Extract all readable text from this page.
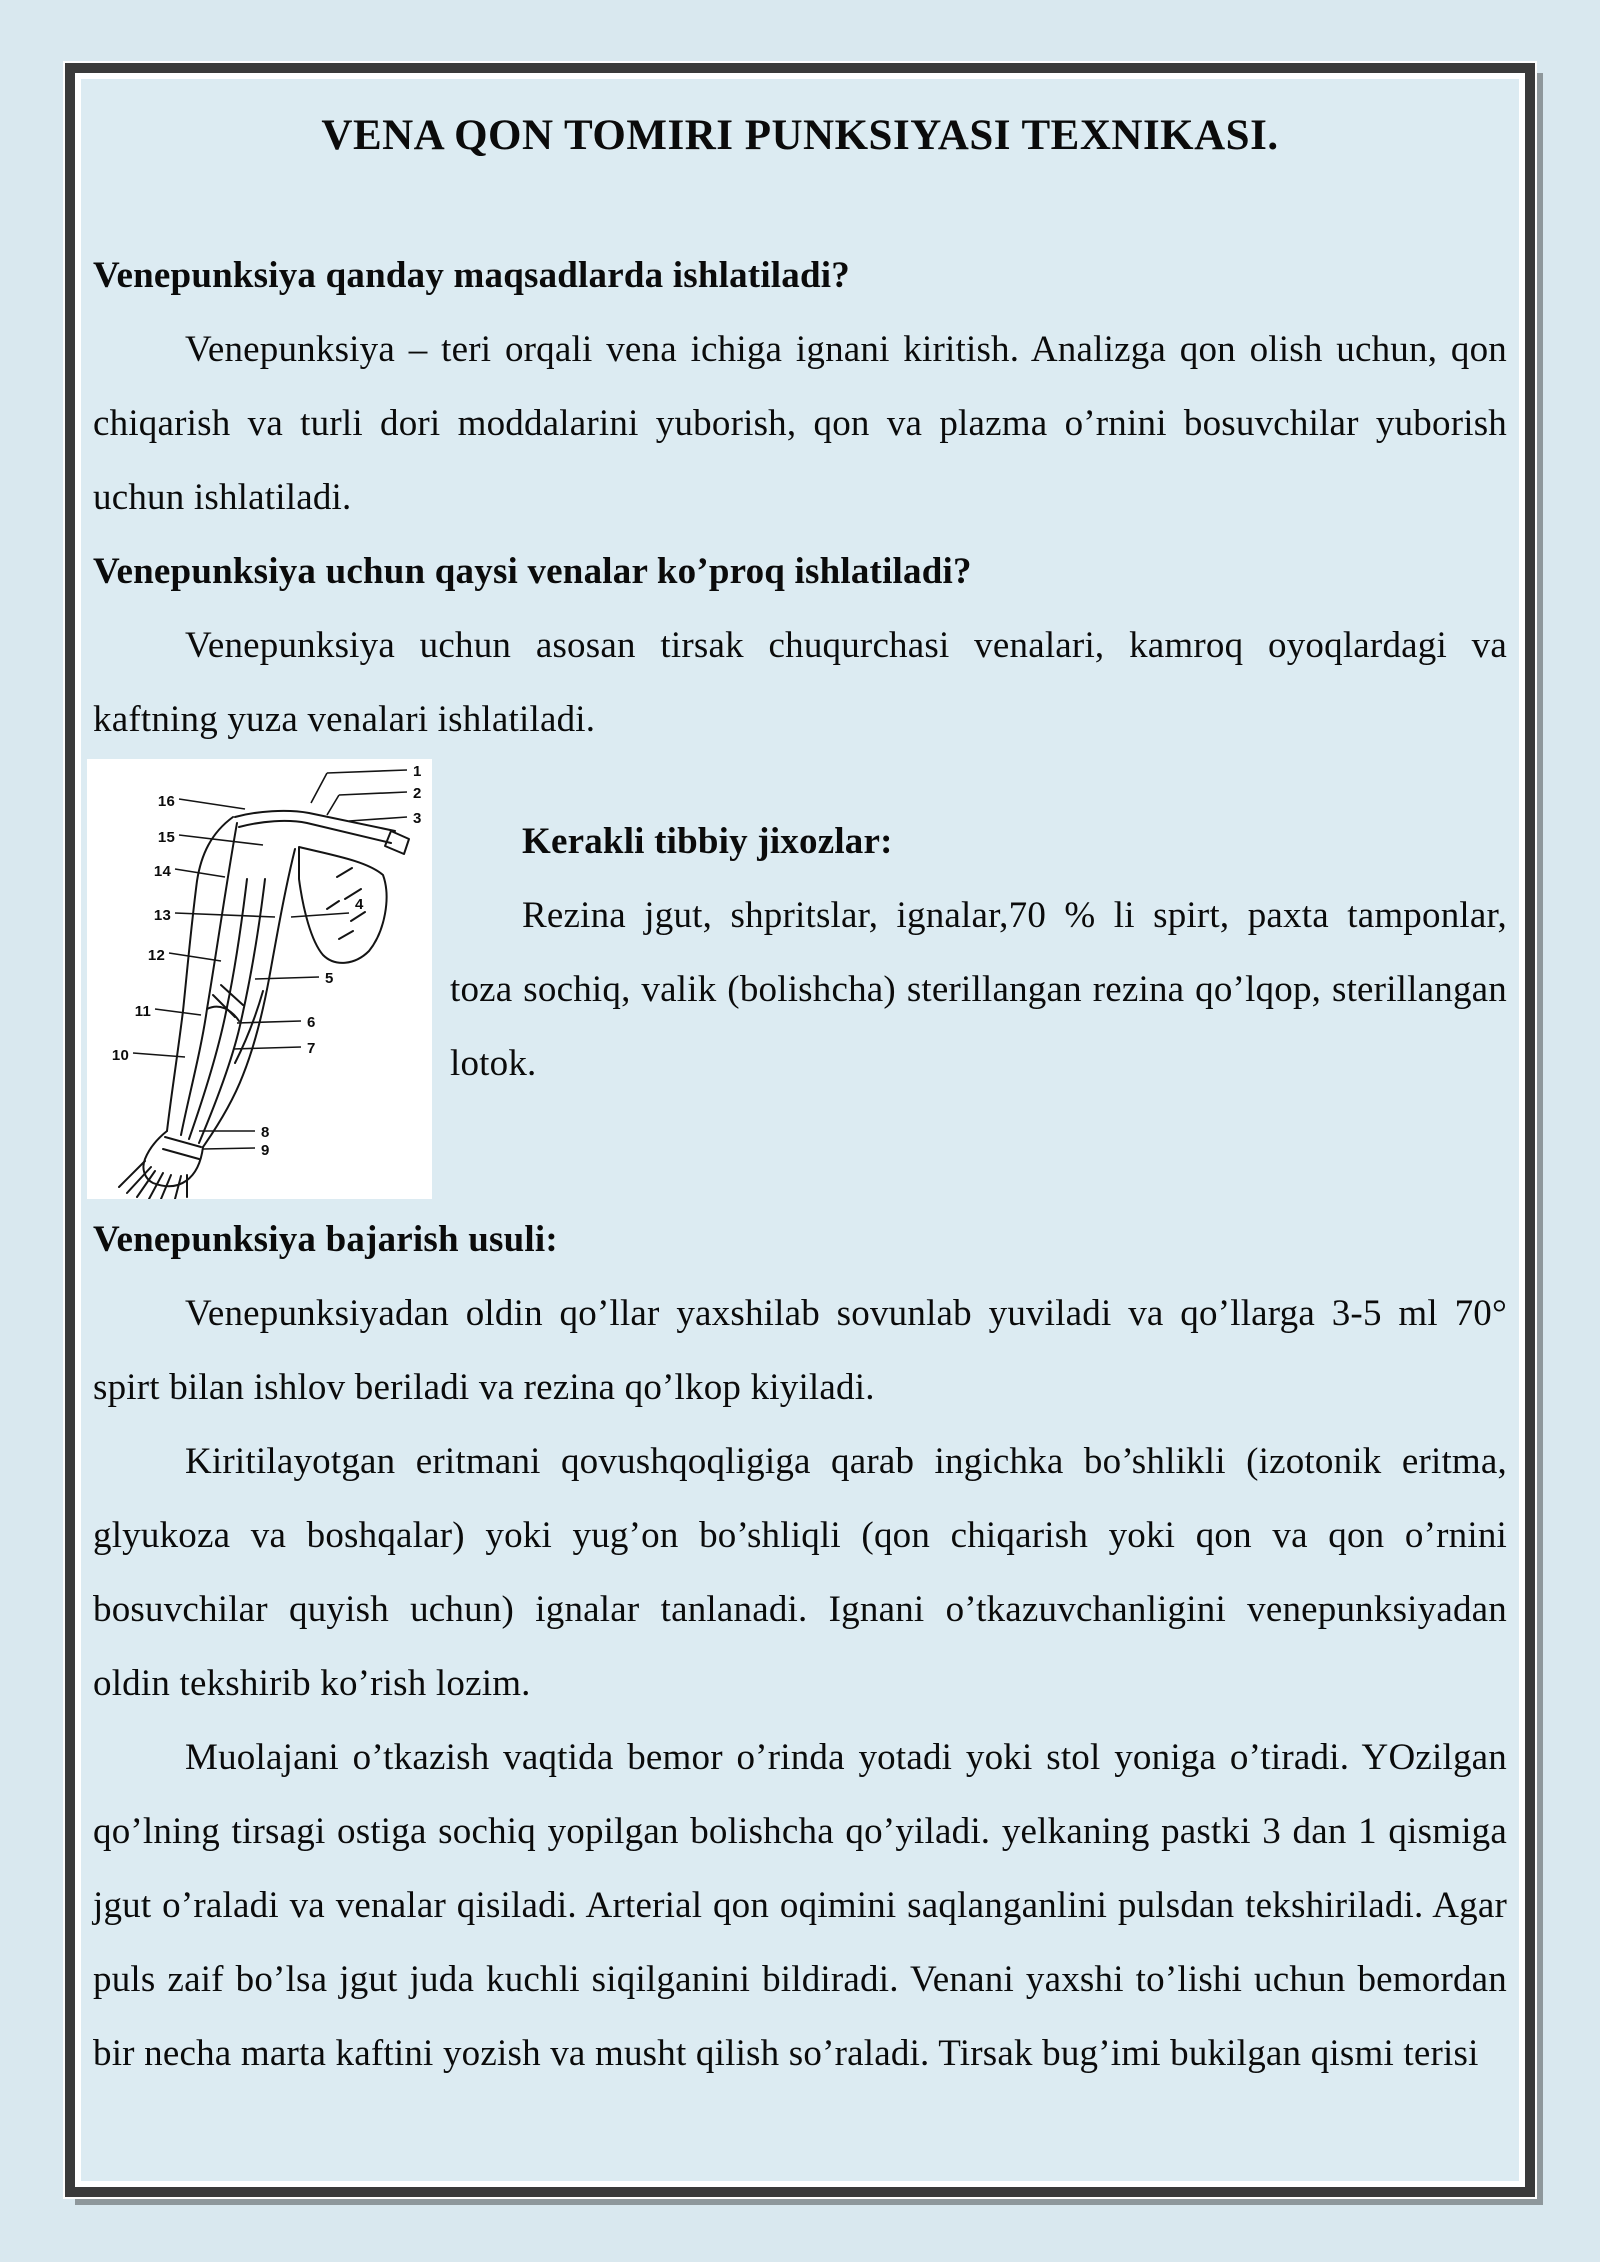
VENA QON TOMIRI PUNKSIYASI TEXNIKASI.
Venepunksiya qanday maqsadlarda ishlatiladi?

Venepunksiya – teri orqali vena ichiga ignani kiritish. Analizga qon olish uchun, qon chiqarish va turli dori moddalarini yuborish, qon va plazma o’rnini bosuvchilar yuborish uchun ishlatiladi.

Venepunksiya uchun qaysi venalar ko’proq ishlatiladi?

Venepunksiya uchun asosan tirsak chuqurchasi venalari, kamroq oyoqlardagi va kaftning yuza venalari ishlatiladi.

1
2
3
4
5
6
7
8
9
10
11
12
13
14
15
16
Kerakli tibbiy jixozlar:

Rezina jgut, shpritslar, ignalar,70 % li spirt, paxta tamponlar, toza sochiq, valik (bolishcha) sterillangan rezina qo’lqop, sterillangan lotok.

Venepunksiya bajarish usuli:

Venepunksiyadan oldin qo’llar yaxshilab sovunlab yuviladi va qo’llarga 3-5 ml 70° spirt bilan ishlov beriladi va rezina qo’lkop kiyiladi.

Kiritilayotgan eritmani qovushqoqligiga qarab ingichka bo’shlikli (izotonik eritma, glyukoza va boshqalar) yoki yug’on bo’shliqli (qon chiqarish yoki qon va qon o’rnini bosuvchilar quyish uchun) ignalar tanlanadi. Ignani o’tkazuvchanligini venepunksiyadan oldin tekshirib ko’rish lozim.

Muolajani o’tkazish vaqtida bemor o’rinda yotadi yoki stol yoniga o’tiradi. YOzilgan qo’lning tirsagi ostiga sochiq yopilgan bolishcha qo’yiladi. yelkaning pastki 3 dan 1 qismiga jgut o’raladi va venalar qisiladi. Arterial qon oqimini saqlanganlini pulsdan tekshiriladi. Agar puls zaif bo’lsa jgut juda kuchli siqilganini bildiradi. Venani yaxshi to’lishi uchun bemordan bir necha marta kaftini yozish va musht qilish so’raladi. Tirsak bug’imi bukilgan qismi terisi
